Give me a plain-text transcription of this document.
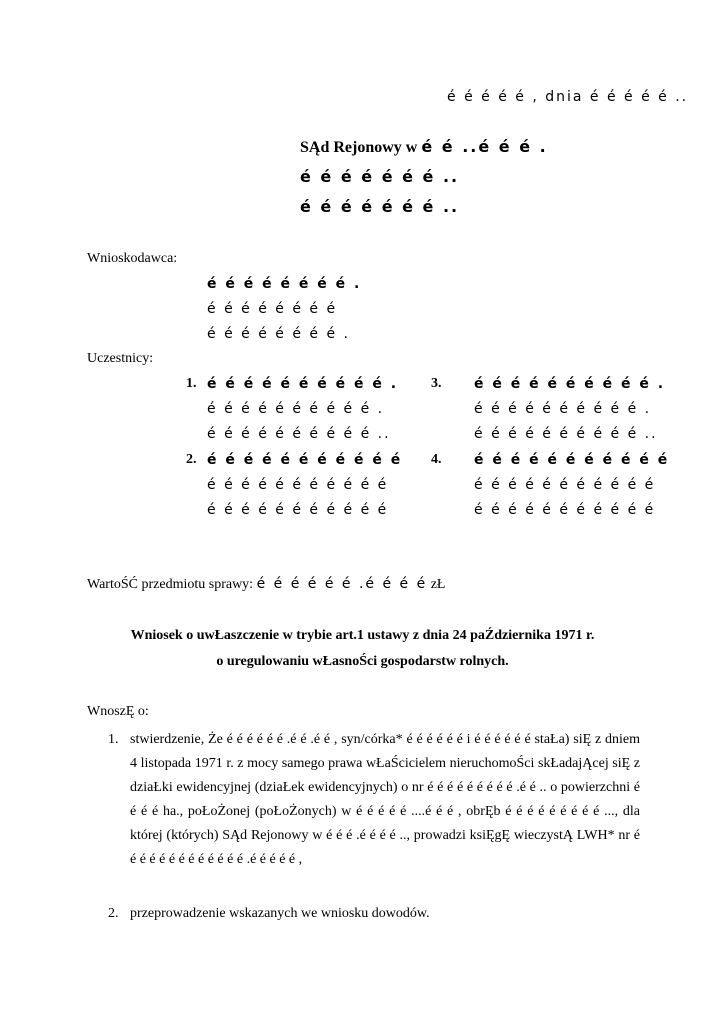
é é é é é , dnia é é é é é ..
SĄd Rejonowy w é é ..é é é .
é é é é é é é ..
é é é é é é é ..
Wnioskodawca:
é é é é é é é é .
é é é é é é é é
é é é é é é é é .
Uczestnicy:
1. é é é é é é é é é é .
é é é é é é é é é é .
é é é é é é é é é é ..
2. é é é é é é é é é é é
é é é é é é é é é é é
é é é é é é é é é é é
3. é é é é é é é é é é .
é é é é é é é é é é .
é é é é é é é é é é ..
4. é é é é é é é é é é é
é é é é é é é é é é é
é é é é é é é é é é é
WartoŚĆ przedmiotu sprawy: é é é é é é .é é é é zŁ
Wniosek o uwŁaszczenie w trybie art.1 ustawy z dnia 24 paŹdziernika 1971 r.
o uregulowaniu wŁasnoŚci gospodarstw rolnych.
WnoszĘ o:
1. stwierdzenie, Że é é é é é é .é é .é é , syn/córka* é é é é é é i é é é é é é staŁa) siĘ z dniem 4 listopada 1971 r. z mocy samego prawa wŁaŚcicielem nieruchomoŚci skŁadajĄcej siĘ z dziaŁki ewidencyjnej (dziaŁek ewidencyjnych) o nr é é é é é é é é é .é é .. o powierzchni é é é é ha., poŁoŻonej (poŁoŻonych) w é é é é é ....é é é , obrĘb é é é é é é é é é ..., dla której (których) SĄd Rejonowy w é é é .é é é é .., prowadzi ksiĘgĘ wieczystĄ LWH* nr é é é é é é é é é é é é é .é é é é é ,

2. przeprowadzenie wskazanych we wniosku dowodów.
